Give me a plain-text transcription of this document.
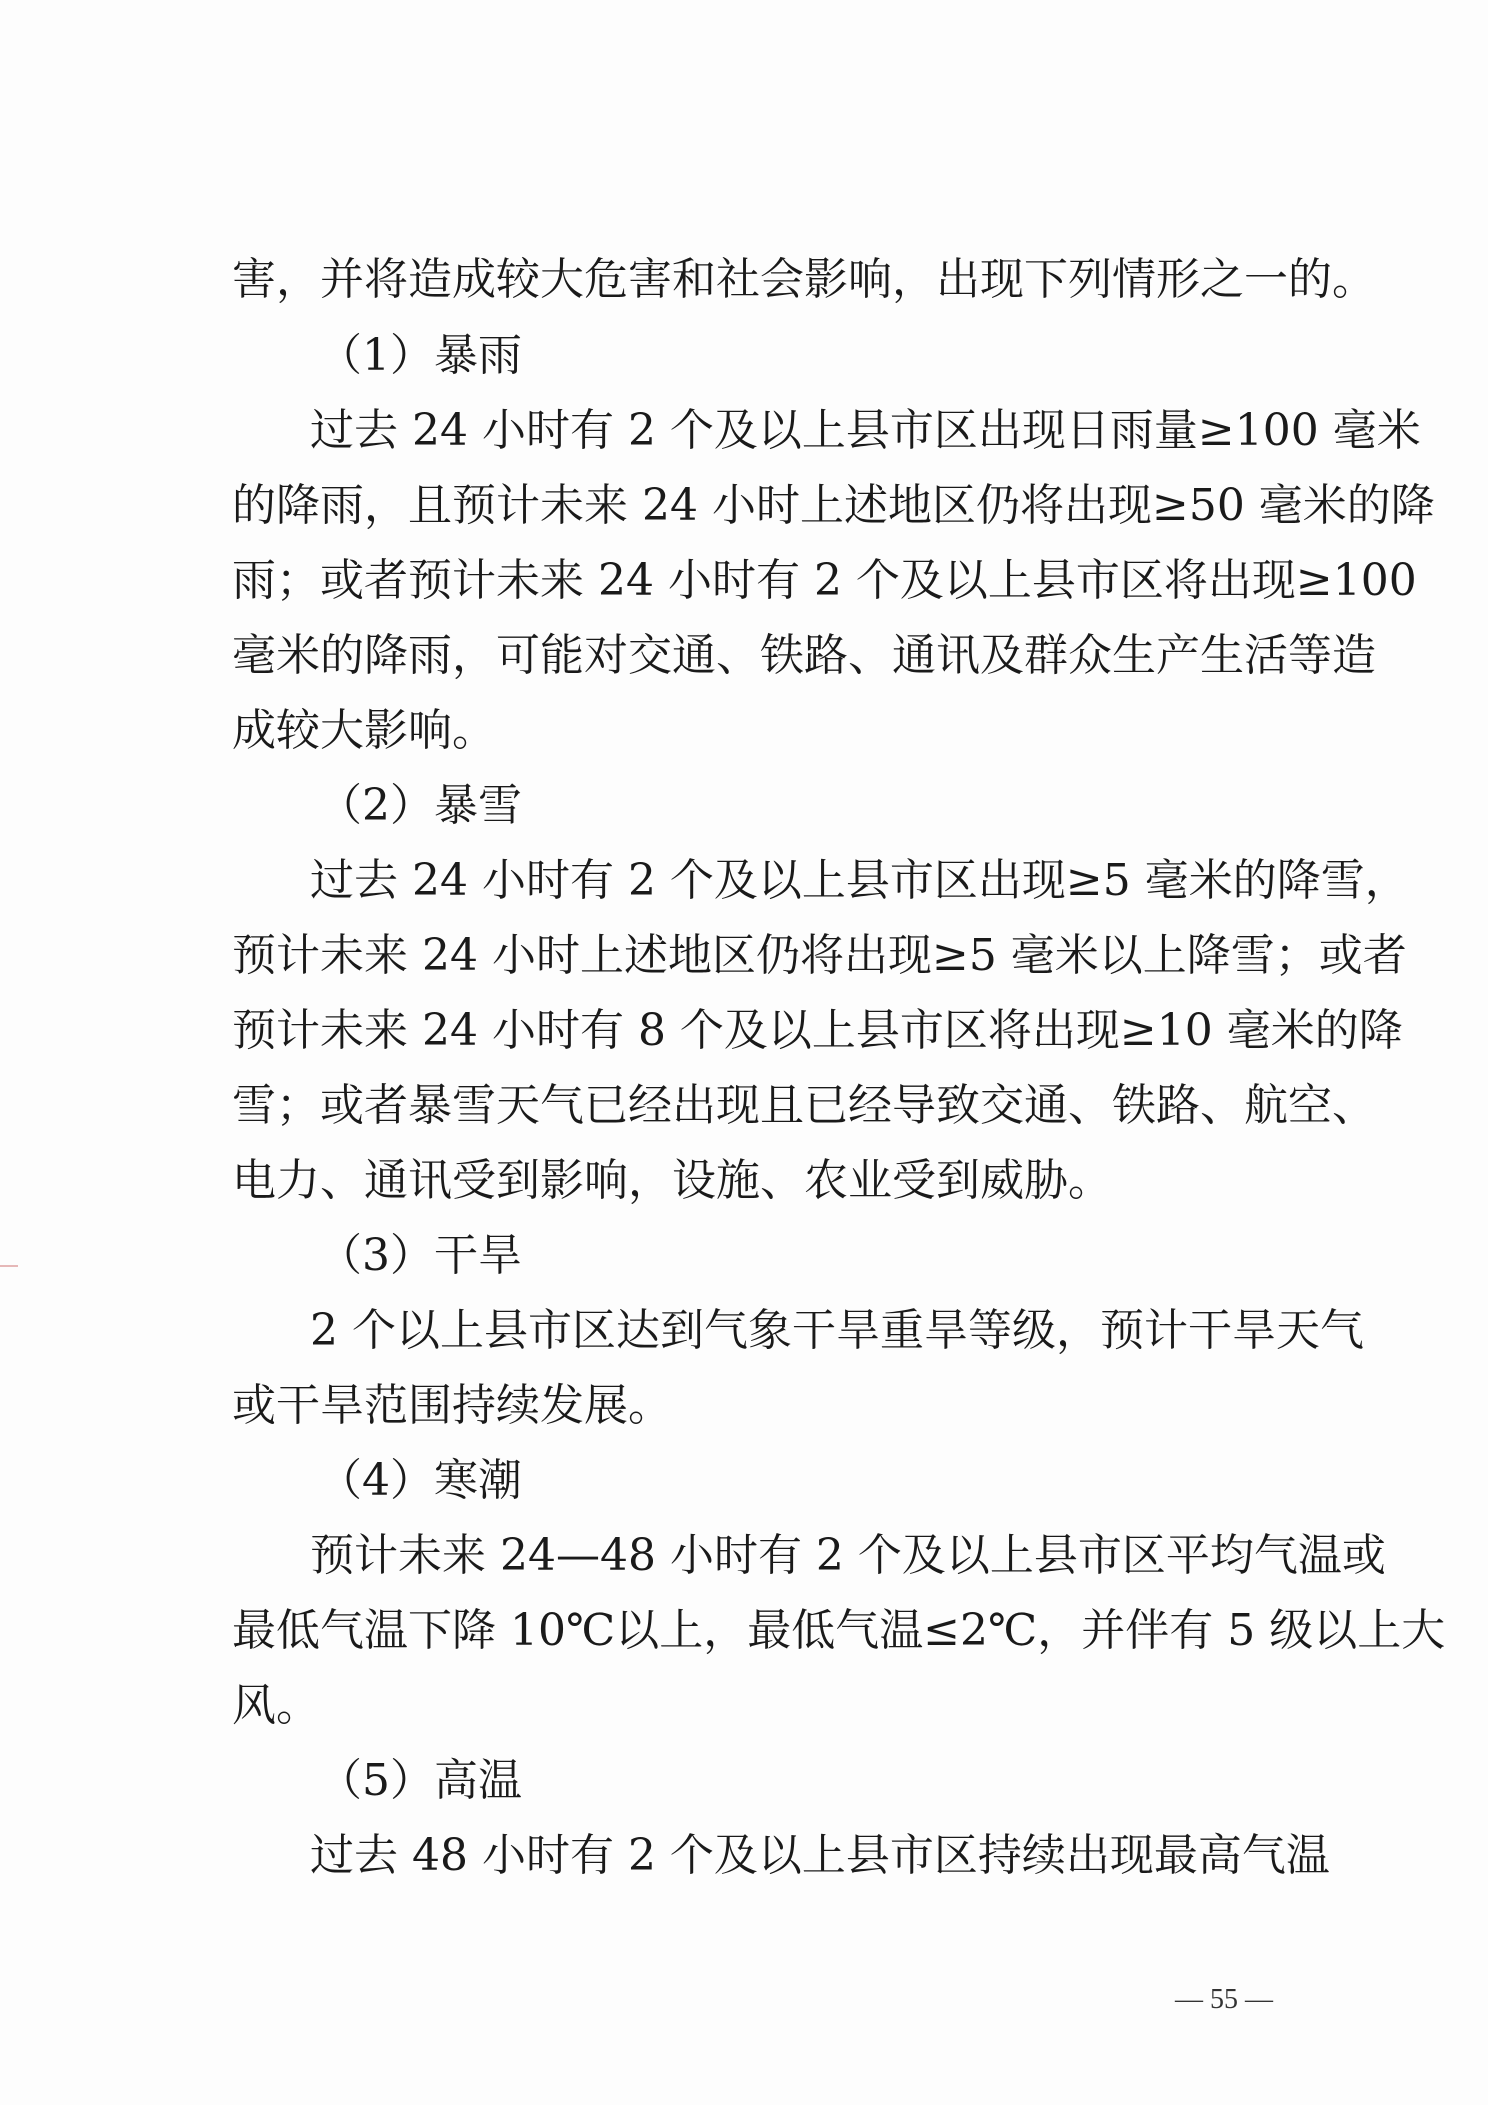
害，并将造成较大危害和社会影响，出现下列情形之一的。
（1）暴雨
过去 24 小时有 2 个及以上县市区出现日雨量≥100 毫米
的降雨，且预计未来 24 小时上述地区仍将出现≥50 毫米的降
雨；或者预计未来 24 小时有 2 个及以上县市区将出现≥100
毫米的降雨，可能对交通、铁路、通讯及群众生产生活等造
成较大影响。
（2）暴雪
过去 24 小时有 2 个及以上县市区出现≥5 毫米的降雪，
预计未来 24 小时上述地区仍将出现≥5 毫米以上降雪；或者
预计未来 24 小时有 8 个及以上县市区将出现≥10 毫米的降
雪；或者暴雪天气已经出现且已经导致交通、铁路、航空、
电力、通讯受到影响，设施、农业受到威胁。
（3）干旱
2 个以上县市区达到气象干旱重旱等级，预计干旱天气
或干旱范围持续发展。
（4）寒潮
预计未来 24—48 小时有 2 个及以上县市区平均气温或
最低气温下降 10℃以上，最低气温≤2℃，并伴有 5 级以上大
风。
（5）高温
过去 48 小时有 2 个及以上县市区持续出现最高气温
— 55 —
